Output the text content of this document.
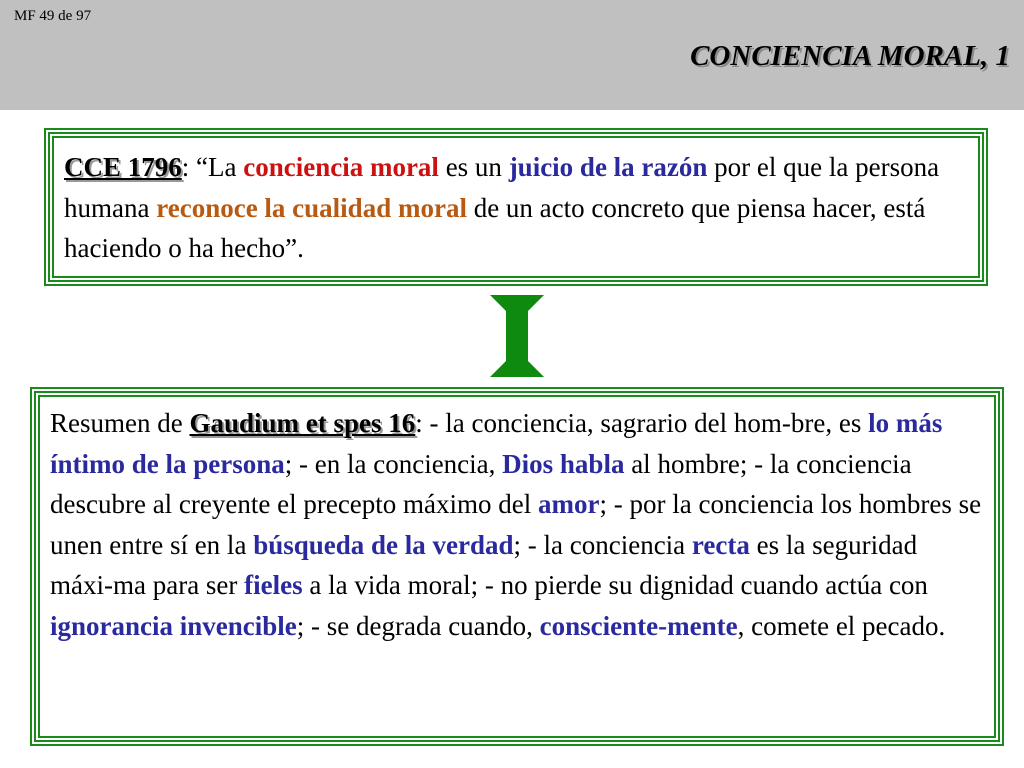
MF 49 de 97
CONCIENCIA MORAL, 1

CCE 1796: “La conciencia moral es un juicio de la razón por el que la persona humana reconoce la cualidad moral de un acto concreto que piensa hacer, está haciendo o ha hecho”.

Resumen de Gaudium et spes 16: - la conciencia, sagrario del hom-bre, es lo más íntimo de la persona; - en la conciencia, Dios habla al hombre; - la conciencia descubre al creyente el precepto máximo del amor; - por la conciencia los hombres se unen entre sí en la búsqueda de la verdad; - la conciencia recta es la seguridad máxi-ma para ser fieles a la vida moral; - no pierde su dignidad cuando actúa con ignorancia invencible; - se degrada cuando, consciente-mente, comete el pecado.
